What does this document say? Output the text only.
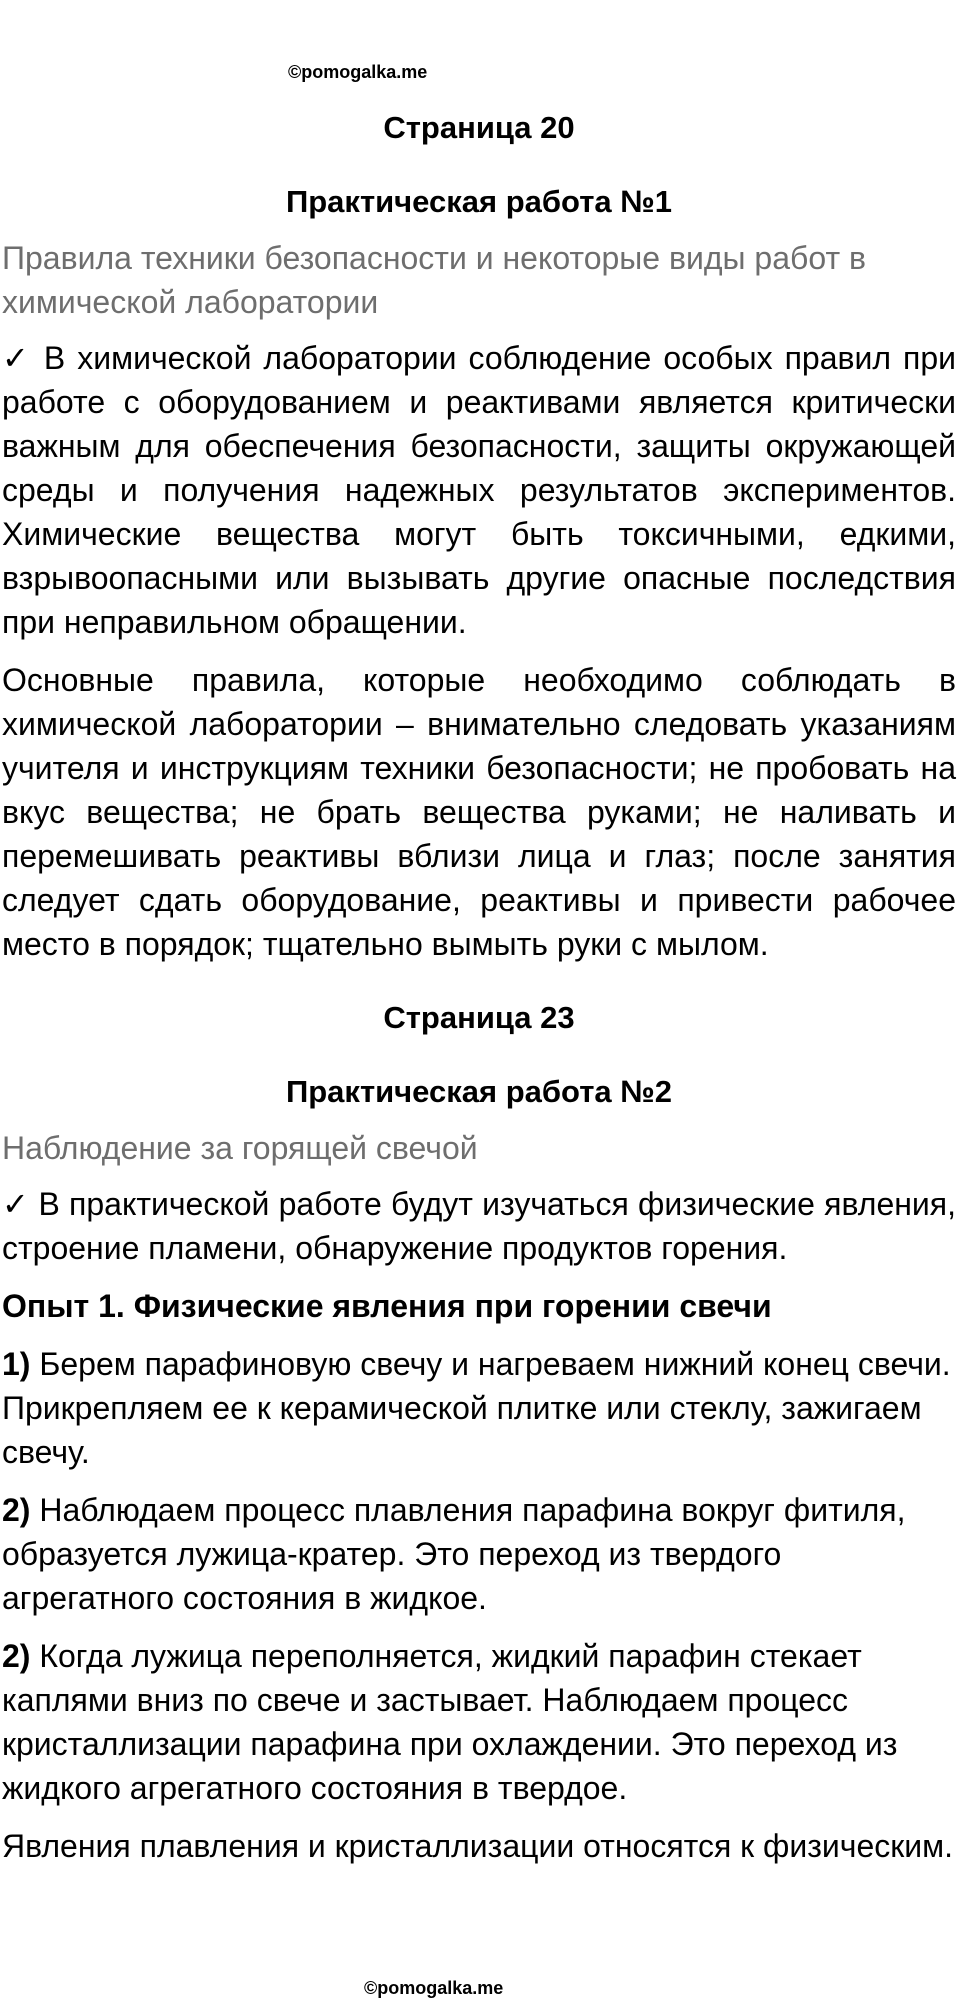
©pomogalka.me
Страница 20
Практическая работа №1
Правила техники безопасности и некоторые виды работ в химической лаборатории

✓ В химической лаборатории соблюдение особых правил при работе с оборудованием и реактивами является критически важным для обеспечения безопасности, защиты окружающей среды и получения надежных результатов экспериментов. Химические вещества могут быть токсичными, едкими, взрывоопасными или вызывать другие опасные последствия при неправильном обращении.

Основные правила, которые необходимо соблюдать в химической лаборатории – внимательно следовать указаниям учителя и инструкциям техники безопасности; не пробовать на вкус вещества; не брать вещества руками; не наливать и перемешивать реактивы вблизи лица и глаз; после занятия следует сдать оборудование, реактивы и привести рабочее место в порядок; тщательно вымыть руки с мылом.

Страница 23
Практическая работа №2
Наблюдение за горящей свечой

✓ В практической работе будут изучаться физические явления, строение пламени, обнаружение продуктов горения.

Опыт 1. Физические явления при горении свечи

1) Берем парафиновую свечу и нагреваем нижний конец свечи. Прикрепляем ее к керамической плитке или стеклу, зажигаем свечу.

2) Наблюдаем процесс плавления парафина вокруг фитиля, образуется лужица-кратер. Это переход из твердого агрегатного состояния в жидкое.

2) Когда лужица переполняется, жидкий парафин стекает каплями вниз по свече и застывает. Наблюдаем процесс кристаллизации парафина при охлаждении. Это переход из жидкого агрегатного состояния в твердое.

Явления плавления и кристаллизации относятся к физическим.

©pomogalka.me
